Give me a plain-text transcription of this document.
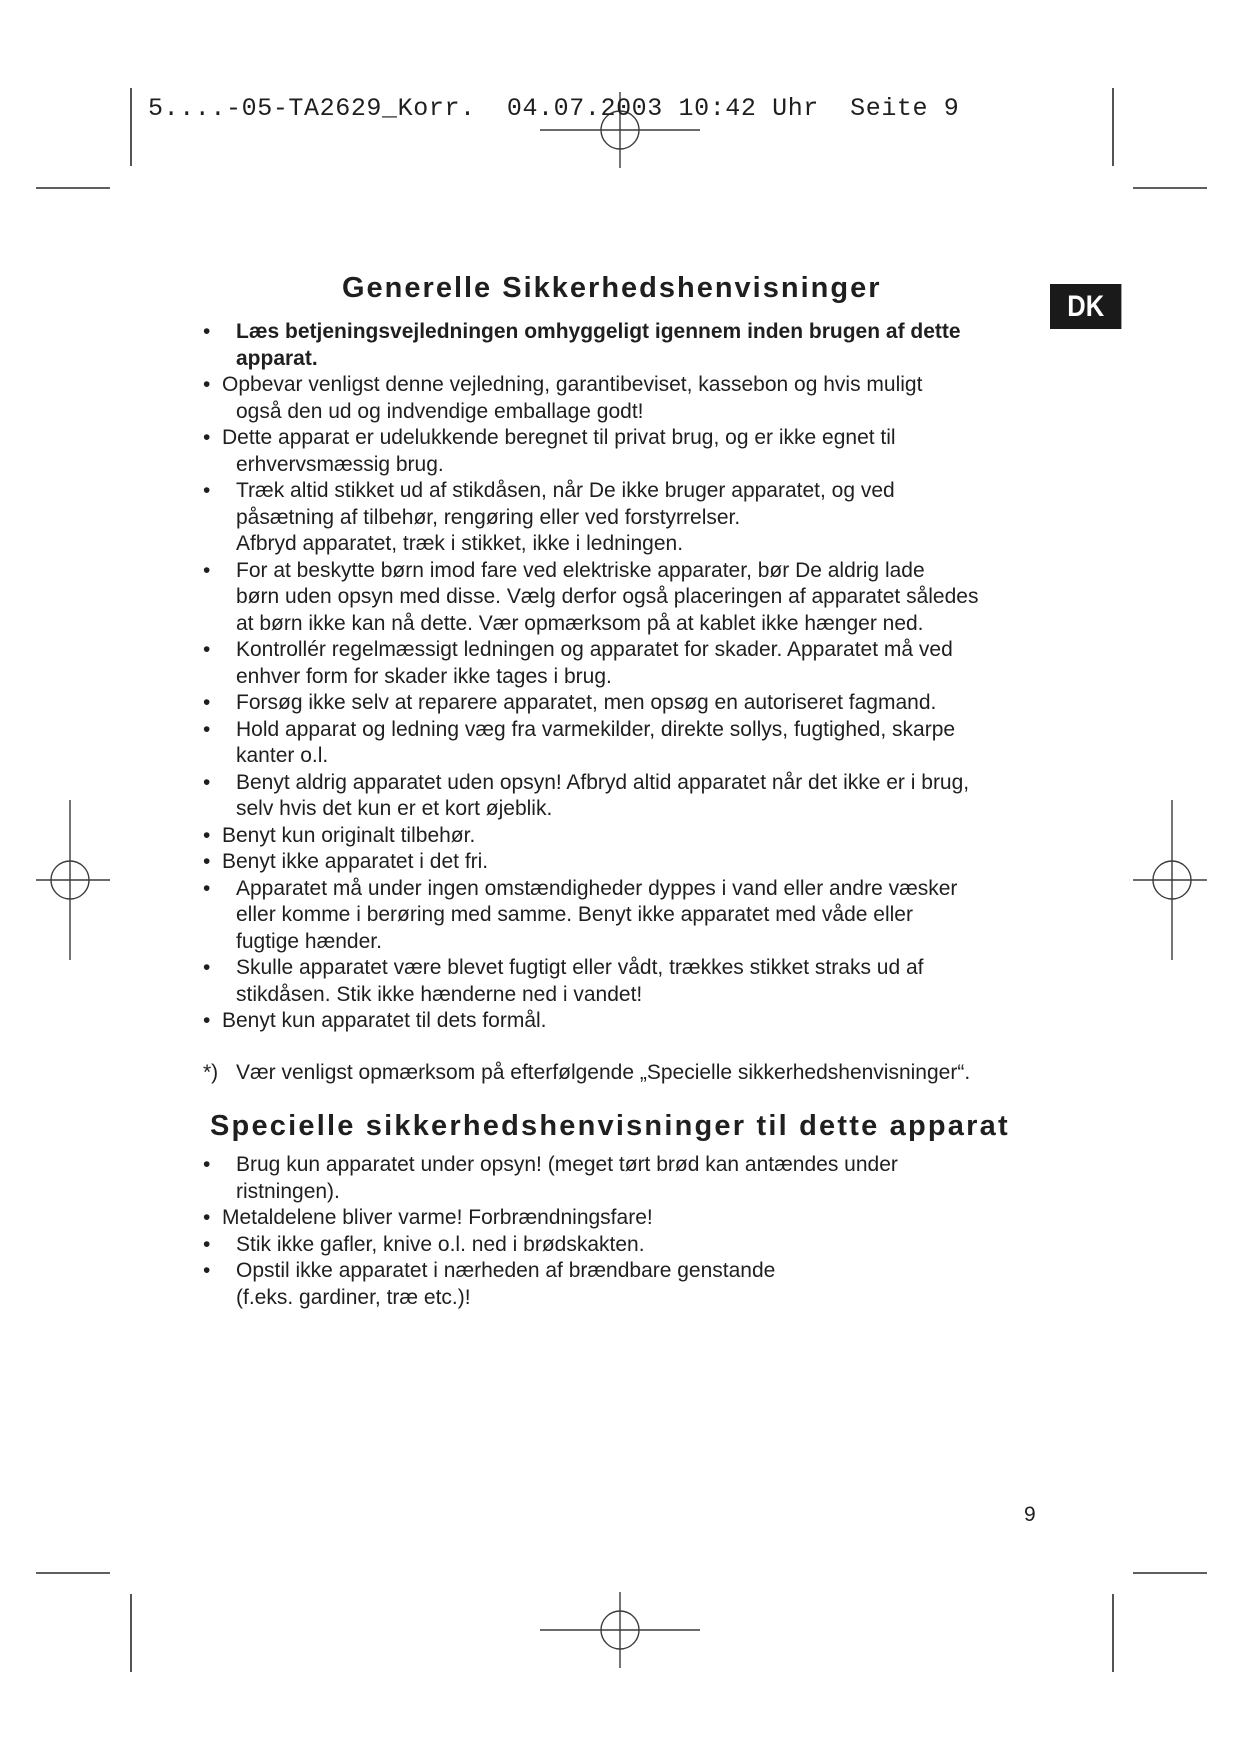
5....-05-TA2629_Korr.  04.07.2003 10:42 Uhr  Seite 9

DK
Generelle Sikkerhedshenvisninger
• Læs betjeningsvejledningen omhyggeligt igennem inden brugen af dette
apparat.
• Opbevar venligst denne vejledning, garantibeviset, kassebon og hvis muligt
også den ud og indvendige emballage godt!
• Dette apparat er udelukkende beregnet til privat brug, og er ikke egnet til
erhvervsmæssig brug.
• Træk altid stikket ud af stikdåsen, når De ikke bruger apparatet, og ved
påsætning af tilbehør, rengøring eller ved forstyrrelser.
Afbryd apparatet, træk i stikket, ikke i ledningen.
• For at beskytte børn imod fare ved elektriske apparater, bør De aldrig lade
børn uden opsyn med disse. Vælg derfor også placeringen af apparatet således
at børn ikke kan nå dette. Vær opmærksom på at kablet ikke hænger ned.
• Kontrollér regelmæssigt ledningen og apparatet for skader. Apparatet må ved
enhver form for skader ikke tages i brug.
• Forsøg ikke selv at reparere apparatet, men opsøg en autoriseret fagmand.
• Hold apparat og ledning væg fra varmekilder, direkte sollys, fugtighed, skarpe
kanter o.l.
• Benyt aldrig apparatet uden opsyn! Afbryd altid apparatet når det ikke er i brug,
selv hvis det kun er et kort øjeblik.
• Benyt kun originalt tilbehør.
• Benyt ikke apparatet i det fri.
• Apparatet må under ingen omstændigheder dyppes i vand eller andre væsker
eller komme i berøring med samme. Benyt ikke apparatet med våde eller
fugtige hænder.
• Skulle apparatet være blevet fugtigt eller vådt, trækkes stikket straks ud af
stikdåsen. Stik ikke hænderne ned i vandet!
• Benyt kun apparatet til dets formål.

*) Vær venligst opmærksom på efterfølgende „Specielle sikkerhedshenvisninger“.

Specielle sikkerhedshenvisninger til dette apparat
• Brug kun apparatet under opsyn! (meget tørt brød kan antændes under
ristningen).
• Metaldelene bliver varme! Forbrændningsfare!
• Stik ikke gafler, knive o.l. ned i brødskakten.
• Opstil ikke apparatet i nærheden af brændbare genstande
(f.eks. gardiner, træ etc.)!

9
